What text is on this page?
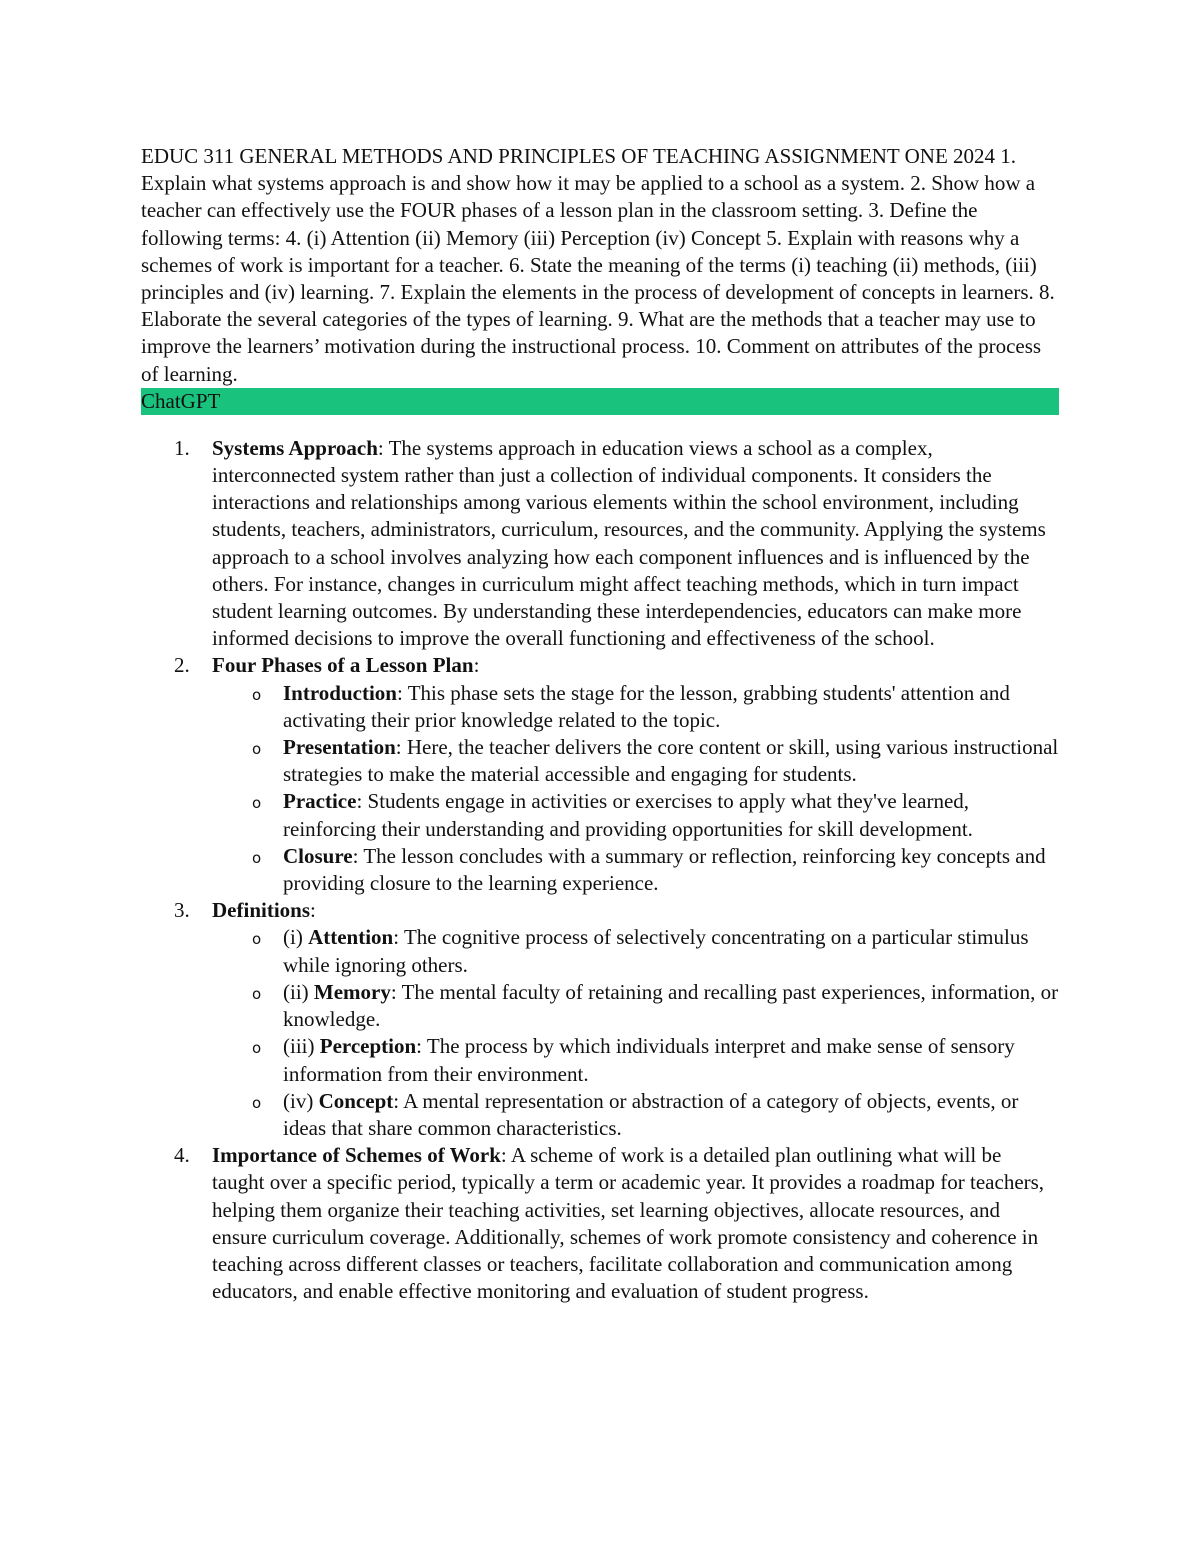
EDUC 311 GENERAL METHODS AND PRINCIPLES OF TEACHING ASSIGNMENT ONE 2024 1. Explain what systems approach is and show how it may be applied to a school as a system. 2. Show how a teacher can effectively use the FOUR phases of a lesson plan in the classroom setting. 3. Define the following terms: 4. (i) Attention (ii) Memory (iii) Perception (iv) Concept 5. Explain with reasons why a schemes of work is important for a teacher. 6. State the meaning of the terms (i) teaching (ii) methods, (iii) principles and (iv) learning. 7. Explain the elements in the process of development of concepts in learners. 8. Elaborate the several categories of the types of learning. 9. What are the methods that a teacher may use to improve the learners’ motivation during the instructional process. 10. Comment on attributes of the process of learning.

ChatGPT
1. Systems Approach: The systems approach in education views a school as a complex, interconnected system rather than just a collection of individual components. It considers the interactions and relationships among various elements within the school environment, including students, teachers, administrators, curriculum, resources, and the community. Applying the systems approach to a school involves analyzing how each component influences and is influenced by the others. For instance, changes in curriculum might affect teaching methods, which in turn impact student learning outcomes. By understanding these interdependencies, educators can make more informed decisions to improve the overall functioning and effectiveness of the school.
2. Four Phases of a Lesson Plan:
o Introduction: This phase sets the stage for the lesson, grabbing students' attention and activating their prior knowledge related to the topic.
o Presentation: Here, the teacher delivers the core content or skill, using various instructional strategies to make the material accessible and engaging for students.
o Practice: Students engage in activities or exercises to apply what they've learned, reinforcing their understanding and providing opportunities for skill development.
o Closure: The lesson concludes with a summary or reflection, reinforcing key concepts and providing closure to the learning experience.
3. Definitions:
o (i) Attention: The cognitive process of selectively concentrating on a particular stimulus while ignoring others.
o (ii) Memory: The mental faculty of retaining and recalling past experiences, information, or knowledge.
o (iii) Perception: The process by which individuals interpret and make sense of sensory information from their environment.
o (iv) Concept: A mental representation or abstraction of a category of objects, events, or ideas that share common characteristics.
4. Importance of Schemes of Work: A scheme of work is a detailed plan outlining what will be taught over a specific period, typically a term or academic year. It provides a roadmap for teachers, helping them organize their teaching activities, set learning objectives, allocate resources, and ensure curriculum coverage. Additionally, schemes of work promote consistency and coherence in teaching across different classes or teachers, facilitate collaboration and communication among educators, and enable effective monitoring and evaluation of student progress.
